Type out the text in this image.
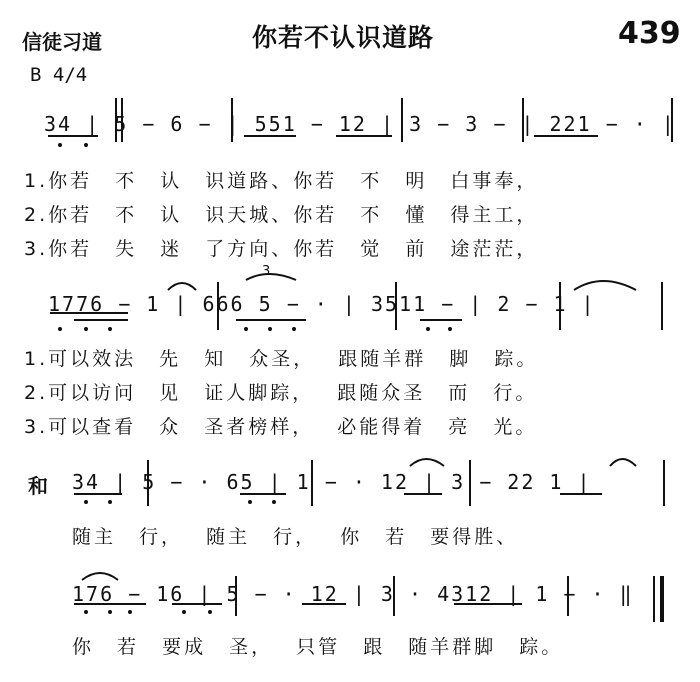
信徒习道	你若不认识道路	439
B 4/4
34 | 5 − 6 − | 551 − 12 | 3 − 3 − | 221 − · |
1.你若 不 认 识道路、你若 不 明 白事奉，
2.你若 不 认 识天城、你若 不 懂 得主工，
3.你若 失 迷 了方向、你若 觉 前 途茫茫，
3
1776 − 1 | 666 5 − · | 3511 − | 2 − 1 |
1.可以效法 先 知 众圣， 跟随羊群 脚 踪。
2.可以访问 见 证人脚踪， 跟随众圣 而 行。
3.可以查看 众 圣者榜样， 必能得着 亮 光。
和 34 | 5 − · 65 | 1 − · 12 | 3 − 22 1 |
随主 行， 随主 行， 你 若 要得胜、
176 − 16 | 5 − · 12 | 3 · 4312 | 1 − · ‖
你 若 要成 圣， 只管 跟 随羊群脚 踪。
